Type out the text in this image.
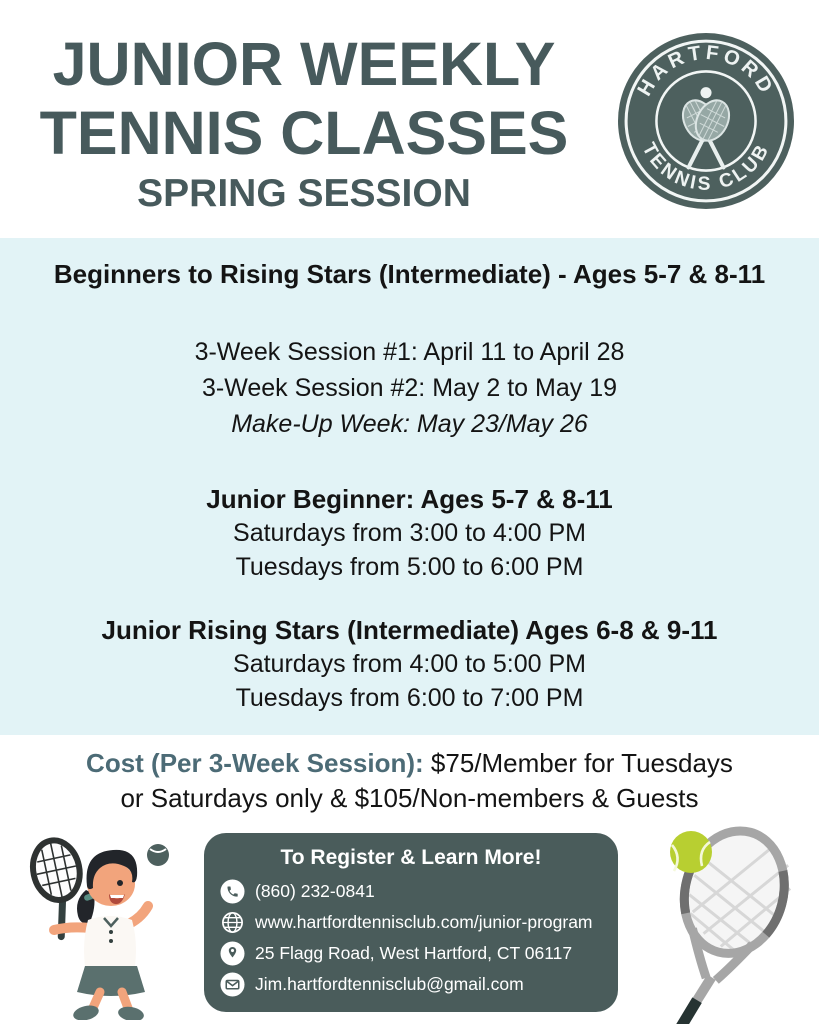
JUNIOR WEEKLY
TENNIS CLASSES
SPRING SESSION
HARTFORD
TENNIS CLUB
Beginners to Rising Stars (Intermediate) - Ages 5-7 & 8-11
3-Week Session #1: April 11 to April 28
3-Week Session #2: May 2 to May 19
Make-Up Week: May 23/May 26
Junior Beginner: Ages 5-7 & 8-11
Saturdays from 3:00 to 4:00 PM
Tuesdays from 5:00 to 6:00 PM
Junior Rising Stars (Intermediate) Ages 6-8 & 9-11
Saturdays from 4:00 to 5:00 PM
Tuesdays from 6:00 to 7:00 PM
Cost (Per 3-Week Session): $75/Member for Tuesdays or Saturdays only & $105/Non-members & Guests
To Register & Learn More!
(860) 232-0841
www.hartfordtennisclub.com/junior-program
25 Flagg Road, West Hartford, CT 06117
Jim.hartfordtennisclub@gmail.com
